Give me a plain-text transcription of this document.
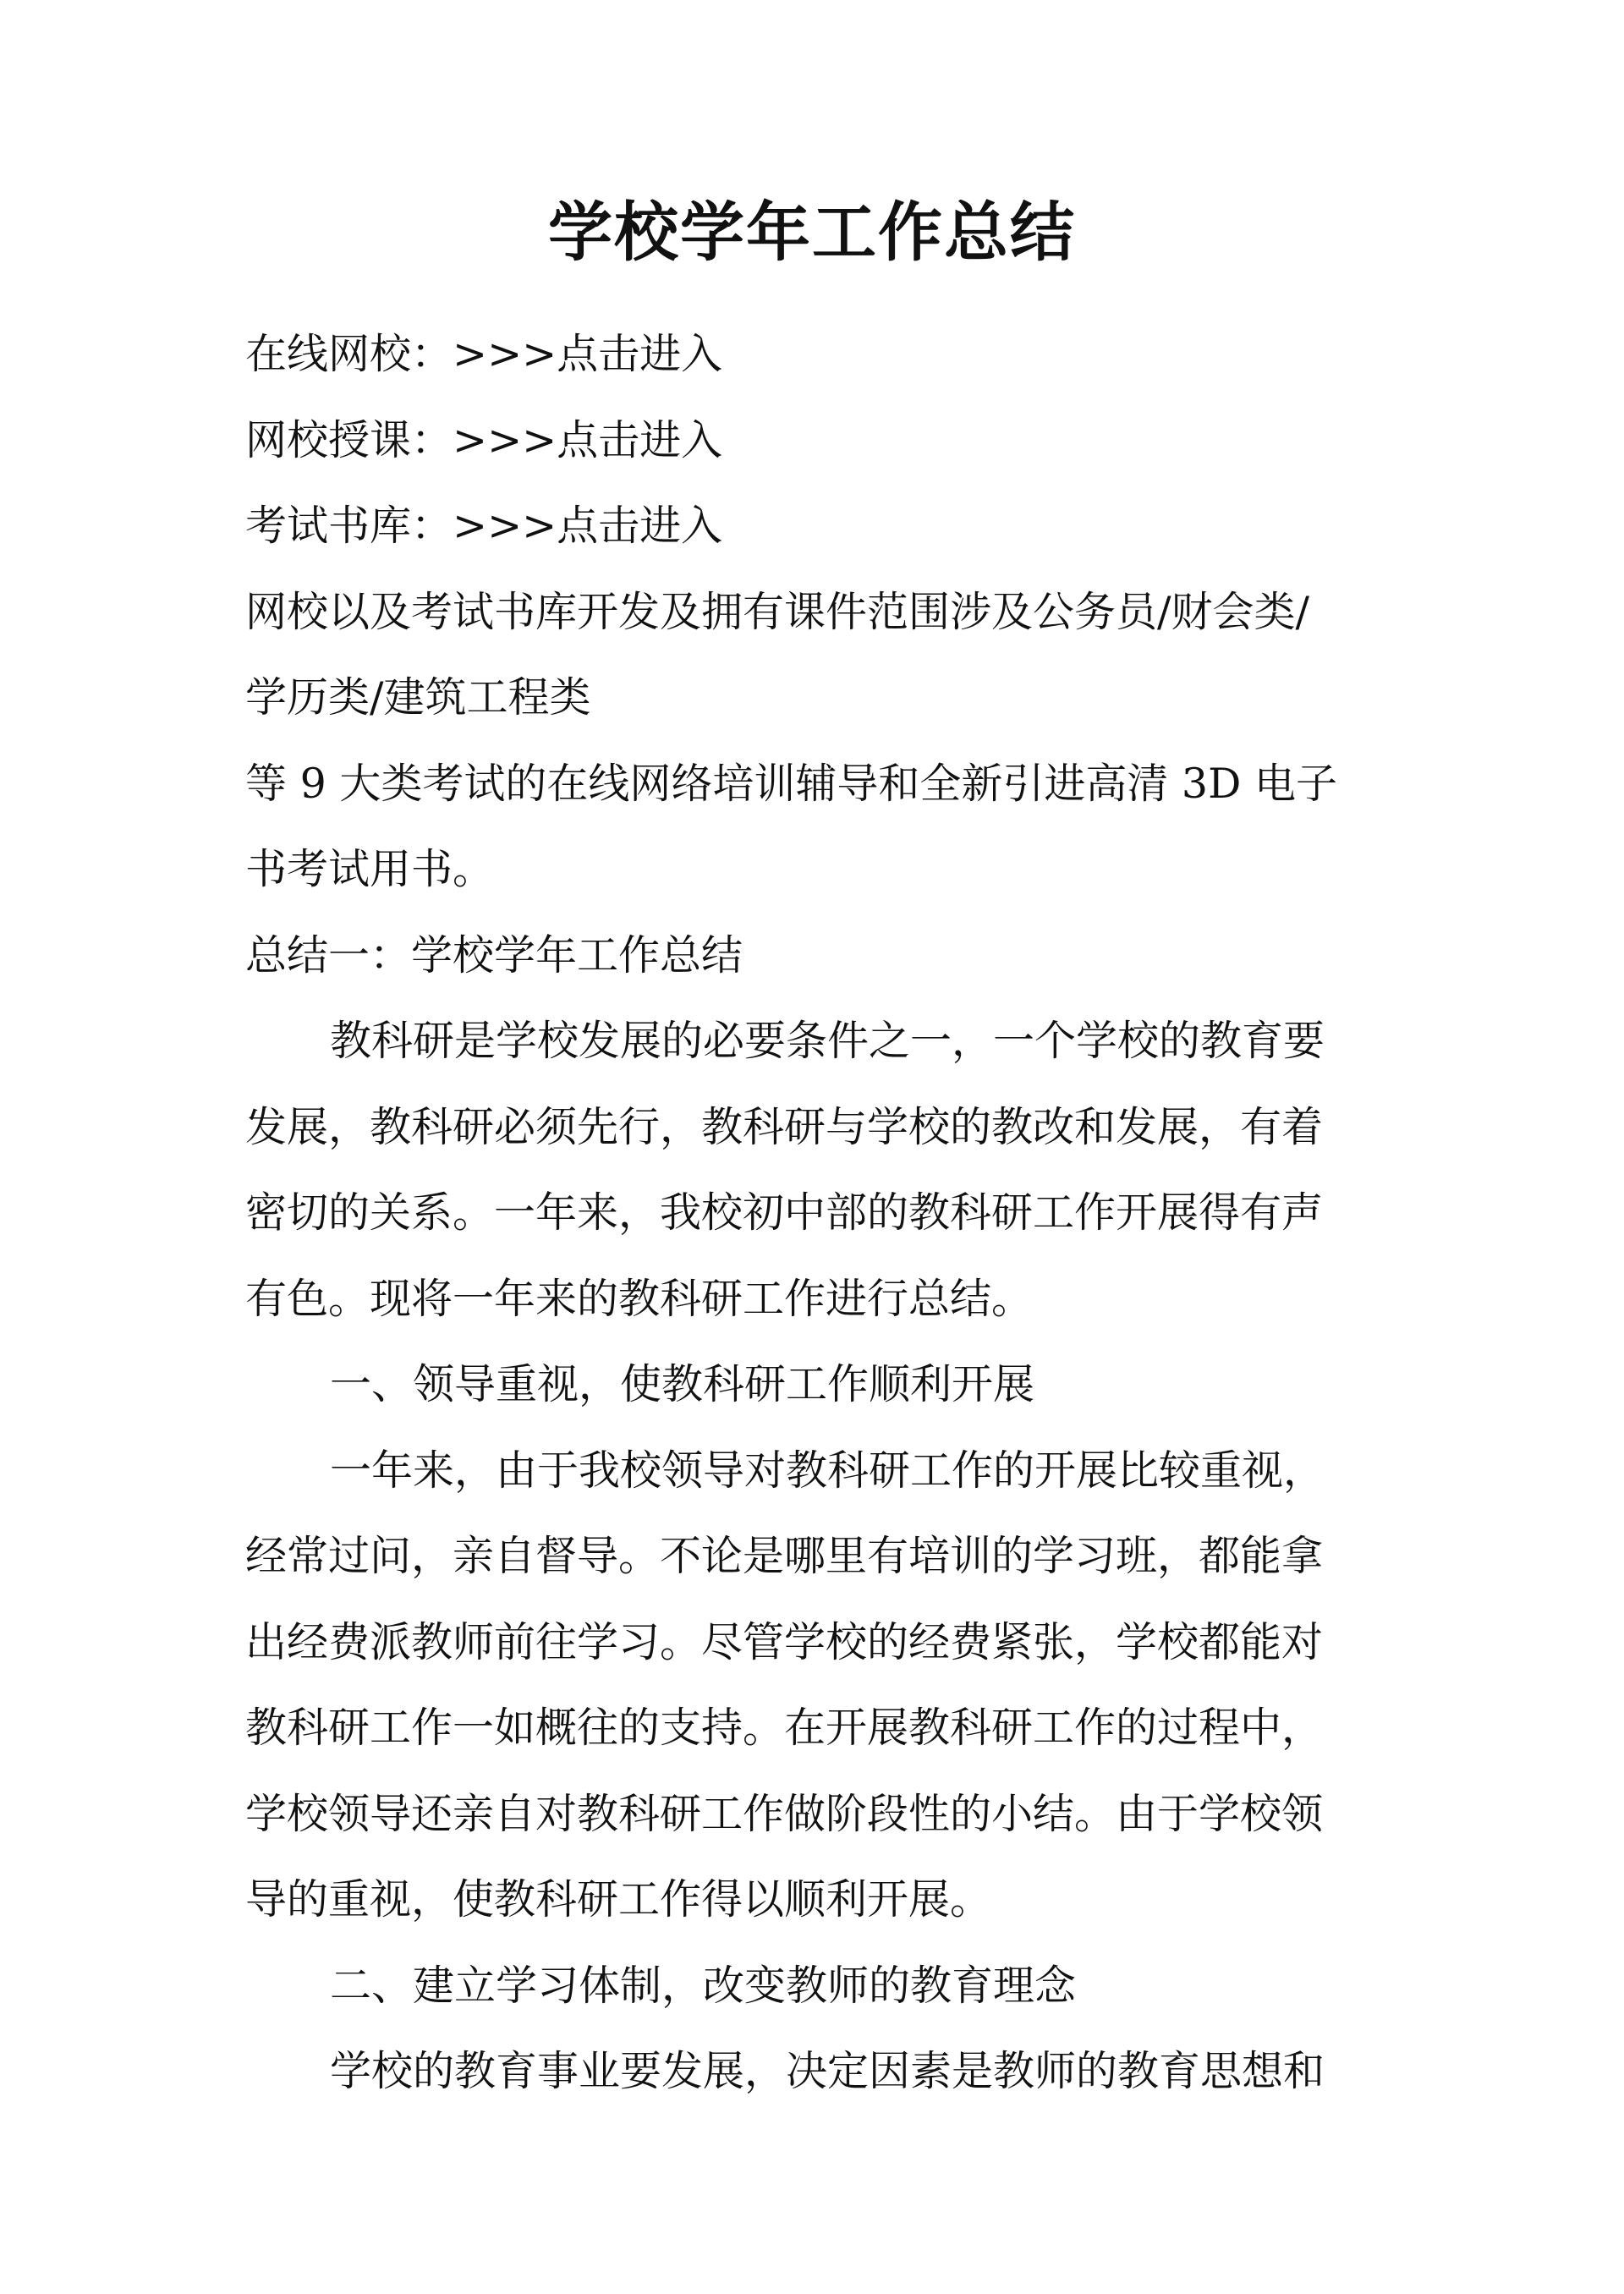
学校学年工作总结
在线网校：>>>点击进入
网校授课：>>>点击进入
考试书库：>>>点击进入
网校以及考试书库开发及拥有课件范围涉及公务员/财会类/
学历类/建筑工程类
等 9 大类考试的在线网络培训辅导和全新引进高清 3D 电子
书考试用书。
总结一：学校学年工作总结
教科研是学校发展的必要条件之一，一个学校的教育要
发展，教科研必须先行，教科研与学校的教改和发展，有着
密切的关系。一年来，我校初中部的教科研工作开展得有声
有色。现将一年来的教科研工作进行总结。
一、领导重视，使教科研工作顺利开展
一年来，由于我校领导对教科研工作的开展比较重视，
经常过问，亲自督导。不论是哪里有培训的学习班，都能拿
出经费派教师前往学习。尽管学校的经费紧张，学校都能对
教科研工作一如概往的支持。在开展教科研工作的过程中，
学校领导还亲自对教科研工作做阶段性的小结。由于学校领
导的重视，使教科研工作得以顺利开展。
二、建立学习体制，改变教师的教育理念
学校的教育事业要发展，决定因素是教师的教育思想和
